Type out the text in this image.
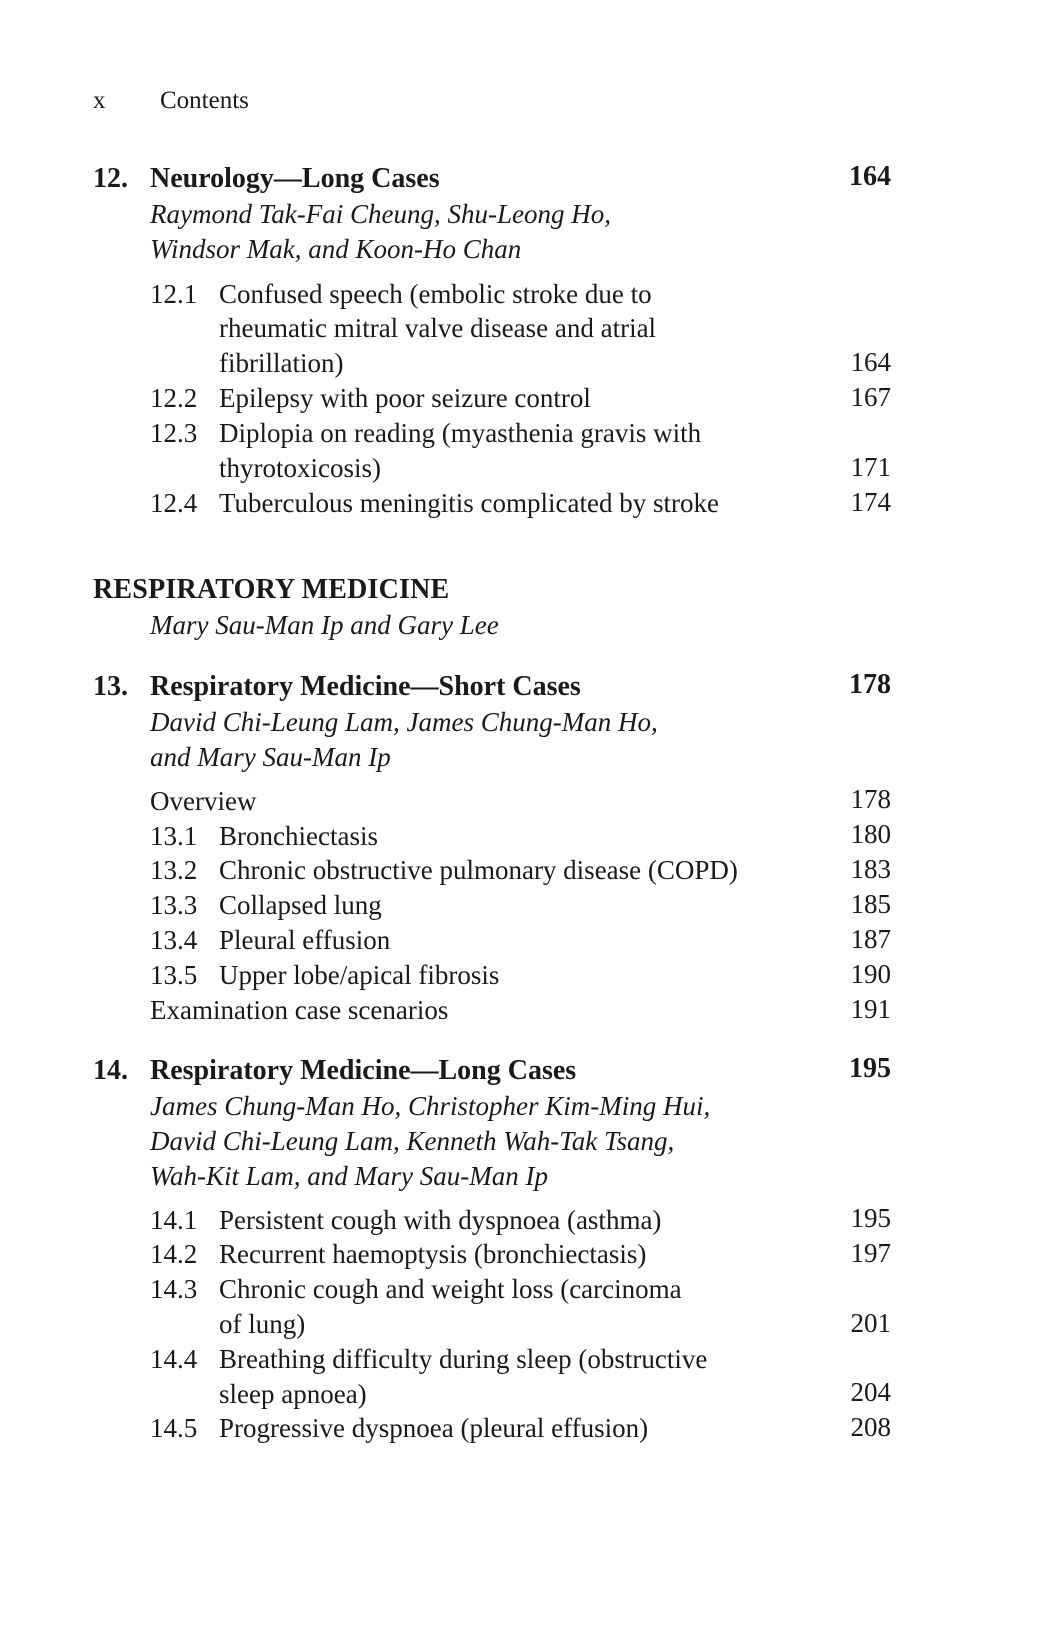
x Contents
12. Neurology—Long Cases	164
Raymond Tak-Fai Cheung, Shu-Leong Ho,
Windsor Mak, and Koon-Ho Chan
12.1 Confused speech (embolic stroke due to
rheumatic mitral valve disease and atrial
fibrillation)	164
12.2 Epilepsy with poor seizure control	167
12.3 Diplopia on reading (myasthenia gravis with
thyrotoxicosis)	171
12.4 Tuberculous meningitis complicated by stroke	174
RESPIRATORY MEDICINE
Mary Sau-Man Ip and Gary Lee
13. Respiratory Medicine—Short Cases	178
David Chi-Leung Lam, James Chung-Man Ho,
and Mary Sau-Man Ip
Overview	178
13.1 Bronchiectasis	180
13.2 Chronic obstructive pulmonary disease (COPD)	183
13.3 Collapsed lung	185
13.4 Pleural effusion	187
13.5 Upper lobe/apical fibrosis	190
Examination case scenarios	191
14. Respiratory Medicine—Long Cases	195
James Chung-Man Ho, Christopher Kim-Ming Hui,
David Chi-Leung Lam, Kenneth Wah-Tak Tsang,
Wah-Kit Lam, and Mary Sau-Man Ip
14.1 Persistent cough with dyspnoea (asthma)	195
14.2 Recurrent haemoptysis (bronchiectasis)	197
14.3 Chronic cough and weight loss (carcinoma
of lung)	201
14.4 Breathing difficulty during sleep (obstructive
sleep apnoea)	204
14.5 Progressive dyspnoea (pleural effusion)	208
